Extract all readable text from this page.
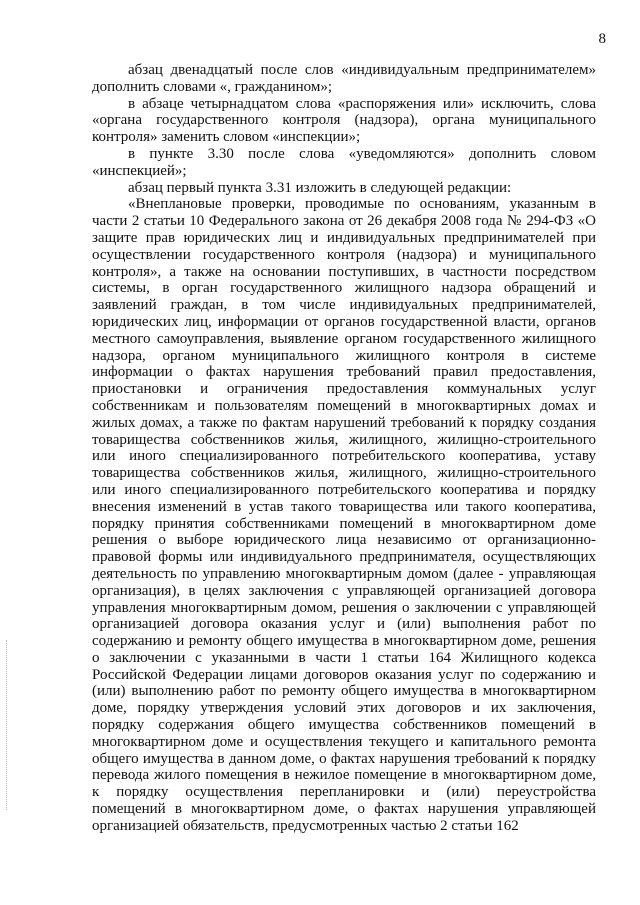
8
абзац двенадцатый после слов «индивидуальным предпринимателем»
дополнить словами «, гражданином»;
в абзаце четырнадцатом слова «распоряжения или» исключить, слова
«органа государственного контроля (надзора), органа муниципального
контроля» заменить словом «инспекции»;
в пункте 3.30 после слова «уведомляются» дополнить словом
«инспекцией»;
абзац первый пункта 3.31 изложить в следующей редакции:
«Внеплановые проверки, проводимые по основаниям, указанным в
части 2 статьи 10 Федерального закона от 26 декабря 2008 года № 294-ФЗ «О
защите прав юридических лиц и индивидуальных предпринимателей при
осуществлении государственного контроля (надзора) и муниципального
контроля», а также на основании поступивших, в частности посредством
системы, в орган государственного жилищного надзора обращений и
заявлений граждан, в том числе индивидуальных предпринимателей,
юридических лиц, информации от органов государственной власти, органов
местного самоуправления, выявление органом государственного жилищного
надзора, органом муниципального жилищного контроля в системе
информации о фактах нарушения требований правил предоставления,
приостановки и ограничения предоставления коммунальных услуг
собственникам и пользователям помещений в многоквартирных домах и
жилых домах, а также по фактам нарушений требований к порядку создания
товарищества собственников жилья, жилищного, жилищно-строительного
или иного специализированного потребительского кооператива, уставу
товарищества собственников жилья, жилищного, жилищно-строительного
или иного специализированного потребительского кооператива и порядку
внесения изменений в устав такого товарищества или такого кооператива,
порядку принятия собственниками помещений в многоквартирном доме
решения о выборе юридического лица независимо от организационно-
правовой формы или индивидуального предпринимателя, осуществляющих
деятельность по управлению многоквартирным домом (далее - управляющая
организация), в целях заключения с управляющей организацией договора
управления многоквартирным домом, решения о заключении с управляющей
организацией договора оказания услуг и (или) выполнения работ по
содержанию и ремонту общего имущества в многоквартирном доме, решения
о заключении с указанными в части 1 статьи 164 Жилищного кодекса
Российской Федерации лицами договоров оказания услуг по содержанию и
(или) выполнению работ по ремонту общего имущества в многоквартирном
доме, порядку утверждения условий этих договоров и их заключения,
порядку содержания общего имущества собственников помещений в
многоквартирном доме и осуществления текущего и капитального ремонта
общего имущества в данном доме, о фактах нарушения требований к порядку
перевода жилого помещения в нежилое помещение в многоквартирном доме,
к порядку осуществления перепланировки и (или) переустройства
помещений в многоквартирном доме, о фактах нарушения управляющей
организацией обязательств, предусмотренных частью 2 статьи 162
